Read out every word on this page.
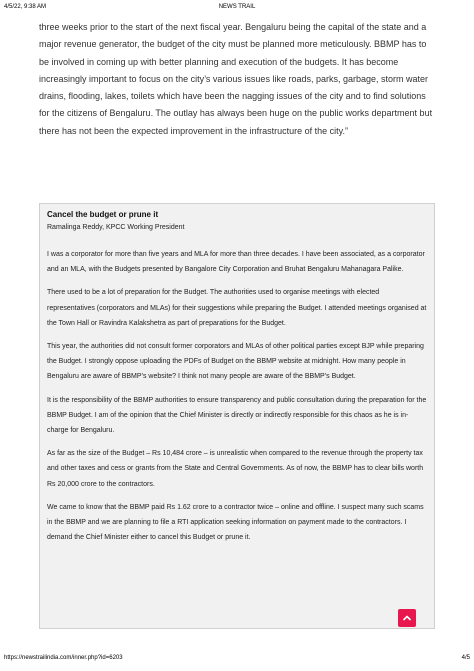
4/5/22, 9:38 AM	NEWS TRAIL
three weeks prior to the start of the next fiscal year. Bengaluru being the capital of the state and a major revenue generator, the budget of the city must be planned more meticulously. BBMP has to be involved in coming up with better planning and execution of the budgets. It has become increasingly important to focus on the city’s various issues like roads, parks, garbage, storm water drains, flooding, lakes, toilets which have been the nagging issues of the city and to find solutions for the citizens of Bengaluru. The outlay has always been huge on the public works department but there has not been the expected improvement in the infrastructure of the city.”
Cancel the budget or prune it
Ramalinga Reddy, KPCC Working President

I was a corporator for more than five years and MLA for more than three decades. I have been associated, as a corporator and an MLA, with the Budgets presented by Bangalore City Corporation and Bruhat Bengaluru Mahanagara Palike.

There used to be a lot of preparation for the Budget. The authorities used to organise meetings with elected representatives (corporators and MLAs) for their suggestions while preparing the Budget. I attended meetings organised at the Town Hall or Ravindra Kalakshetra as part of preparations for the Budget.

This year, the authorities did not consult former corporators and MLAs of other political parties except BJP while preparing the Budget. I strongly oppose uploading the PDFs of Budget on the BBMP website at midnight. How many people in Bengaluru are aware of BBMP’s website? I think not many people are aware of the BBMP’s Budget.

It is the responsibility of the BBMP authorities to ensure transparency and public consultation during the preparation for the BBMP Budget. I am of the opinion that the Chief Minister is directly or indirectly responsible for this chaos as he is in-charge for Bengaluru.

As far as the size of the Budget – Rs 10,484 crore – is unrealistic when compared to the revenue through the property tax and other taxes and cess or grants from the State and Central Governments. As of now, the BBMP has to clear bills worth Rs 20,000 crore to the contractors.

We came to know that the BBMP paid Rs 1.62 crore to a contractor twice – online and offline. I suspect many such scams in the BBMP and we are planning to file a RTI application seeking information on payment made to the contractors. I demand the Chief Minister either to cancel this Budget or prune it.

https://newstrailindia.com/inner.php?id=6203	4/5
